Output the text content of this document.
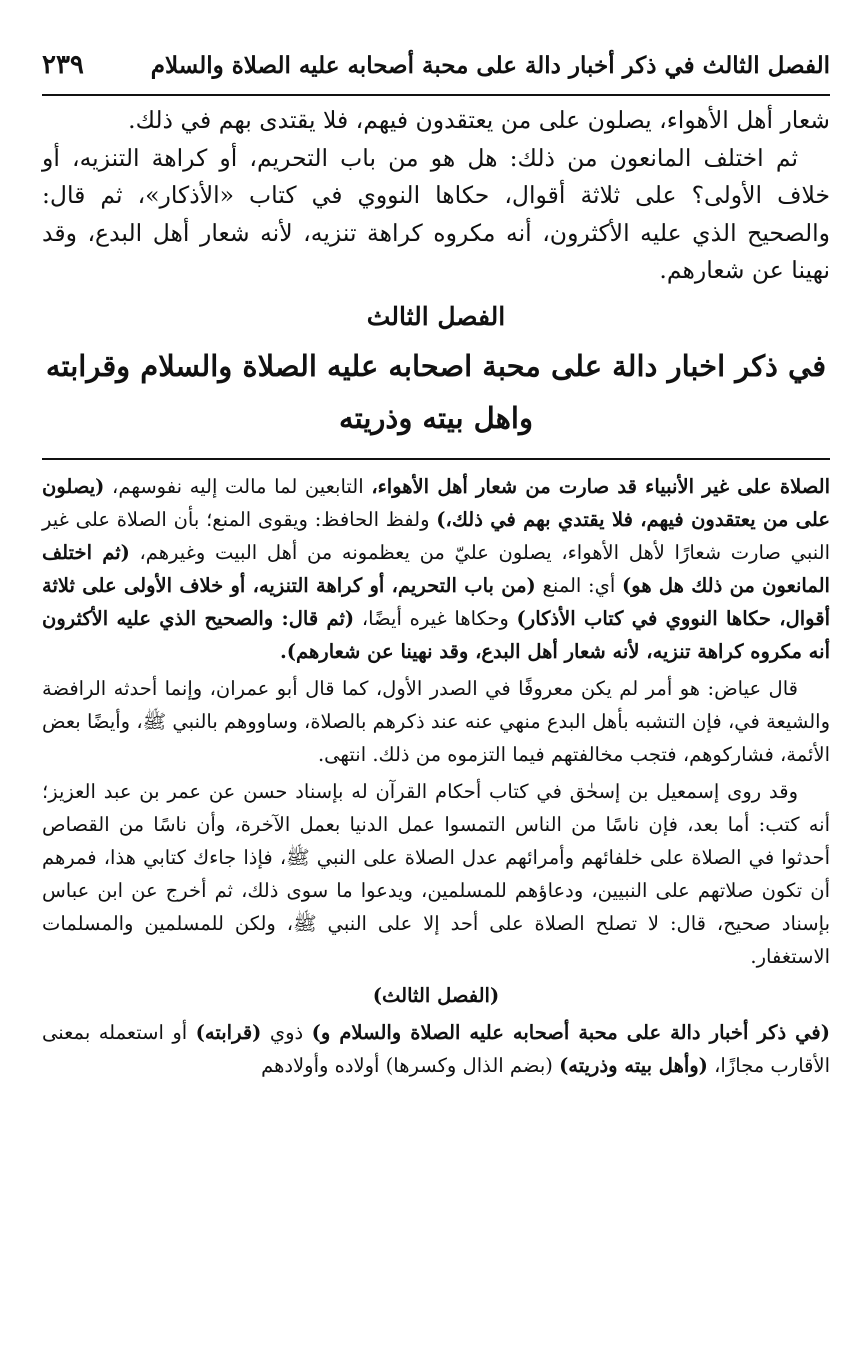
الفصل الثالث في ذكر أخبار دالة على محبة أصحابه عليه الصلاة والسلام
٢٣٩

شعار أهل الأهواء، يصلون على من يعتقدون فيهم، فلا يقتدى بهم في ذلك.

ثم اختلف المانعون من ذلك: هل هو من باب التحريم، أو كراهة التنزيه، أو خلاف الأولى؟ على ثلاثة أقوال، حكاها النووي في كتاب «الأذكار»، ثم قال: والصحيح الذي عليه الأكثرون، أنه مكروه كراهة تنزيه، لأنه شعار أهل البدع، وقد نهينا عن شعارهم.

الفصل الثالث
في ذكر اخبار دالة على محبة اصحابه عليه الصلاة والسلام وقرابته واهل بيته وذريته

الصلاة على غير الأنبياء قد صارت من شعار أهل الأهواء، التابعين لما مالت إليه نفوسهم، (يصلون على من يعتقدون فيهم، فلا يقتدي بهم في ذلك،) ولفظ الحافظ: ويقوى المنع؛ بأن الصلاة على غير النبي صارت شعارًا لأهل الأهواء، يصلون عليّ من يعظمونه من أهل البيت وغيرهم، (ثم اختلف المانعون من ذلك هل هو) أي: المنع (من باب التحريم، أو كراهة التنزيه، أو خلاف الأولى على ثلاثة أقوال، حكاها النووي في كتاب الأذكار) وحكاها غيره أيضًا، (ثم قال: والصحيح الذي عليه الأكثرون أنه مكروه كراهة تنزيه، لأنه شعار أهل البدع، وقد نهينا عن شعارهم).

قال عياض: هو أمر لم يكن معروفًا في الصدر الأول، كما قال أبو عمران، وإنما أحدثه الرافضة والشيعة في، فإن التشبه بأهل البدع منهي عنه عند ذكرهم بالصلاة، وساووهم بالنبي ﷺ، وأيضًا بعض الأئمة، فشاركوهم، فتجب مخالفتهم فيما التزموه من ذلك. انتهى.

وقد روى إسمعيل بن إسحٰق في كتاب أحكام القرآن له بإسناد حسن عن عمر بن عبد العزيز؛ أنه كتب: أما بعد، فإن ناسًا من الناس التمسوا عمل الدنيا بعمل الآخرة، وأن ناسًا من القصاص أحدثوا في الصلاة على خلفائهم وأمرائهم عدل الصلاة على النبي ﷺ، فإذا جاءك كتابي هذا، فمرهم أن تكون صلاتهم على النبيين، ودعاؤهم للمسلمين، ويدعوا ما سوى ذلك، ثم أخرج عن ابن عباس بإسناد صحيح، قال: لا تصلح الصلاة على أحد إلا على النبي ﷺ، ولكن للمسلمين والمسلمات الاستغفار.

(الفصل الثالث)

(في ذكر أخبار دالة على محبة أصحابه عليه الصلاة والسلام و) ذوي (قرابته) أو استعمله بمعنى الأقارب مجازًا، (وأهل بيته وذريته) (بضم الذال وكسرها) أولاده وأولادهم
